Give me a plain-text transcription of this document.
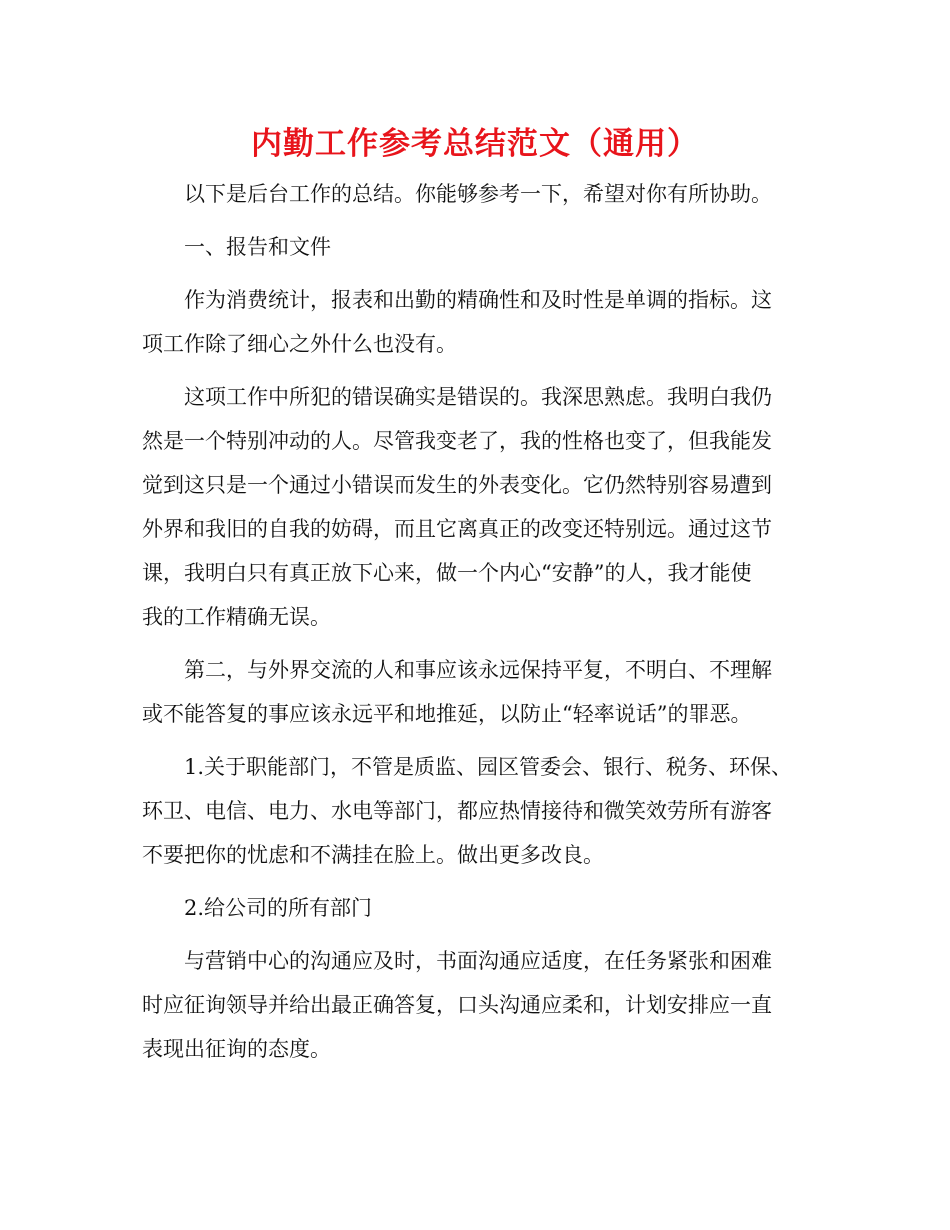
内勤工作参考总结范文（通用）

以下是后台工作的总结。你能够参考一下，希望对你有所协助。

一、报告和文件

作为消费统计，报表和出勤的精确性和及时性是单调的指标。这
项工作除了细心之外什么也没有。

这项工作中所犯的错误确实是错误的。我深思熟虑。我明白我仍
然是一个特别冲动的人。尽管我变老了，我的性格也变了，但我能发
觉到这只是一个通过小错误而发生的外表变化。它仍然特别容易遭到
外界和我旧的自我的妨碍，而且它离真正的改变还特别远。通过这节
课，我明白只有真正放下心来，做一个内心“安静”的人，我才能使
我的工作精确无误。

第二，与外界交流的人和事应该永远保持平复，不明白、不理解
或不能答复的事应该永远平和地推延，以防止“轻率说话”的罪恶。

1.关于职能部门，不管是质监、园区管委会、银行、税务、环保、
环卫、电信、电力、水电等部门，都应热情接待和微笑效劳所有游客
不要把你的忧虑和不满挂在脸上。做出更多改良。

2.给公司的所有部门

与营销中心的沟通应及时，书面沟通应适度，在任务紧张和困难
时应征询领导并给出最正确答复，口头沟通应柔和，计划安排应一直
表现出征询的态度。
